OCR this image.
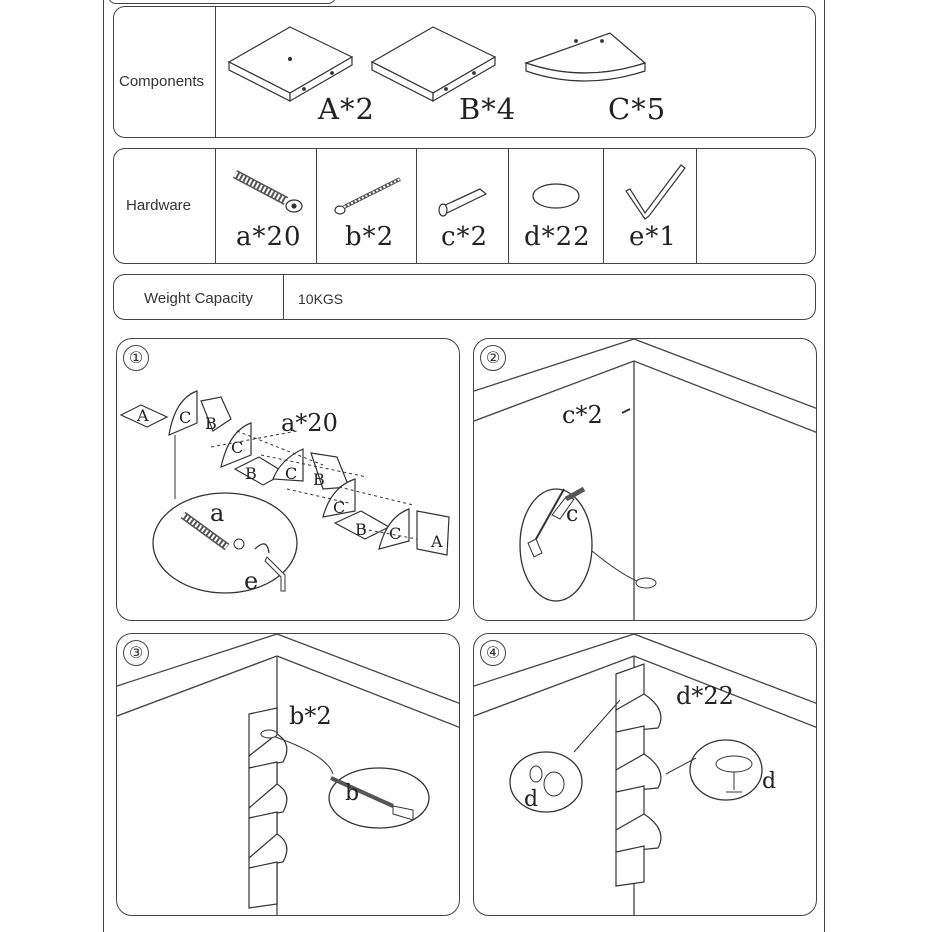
Components
A*2	B*4	C*5
Hardware
a*20 b*2 c*2 d*22 e*1
Weight Capacity	10KGS
①
a
e
A C B
C
B C B
C
B C A
a*20
②
c
c*2
③
b
b*2
④
d
d
d*22
